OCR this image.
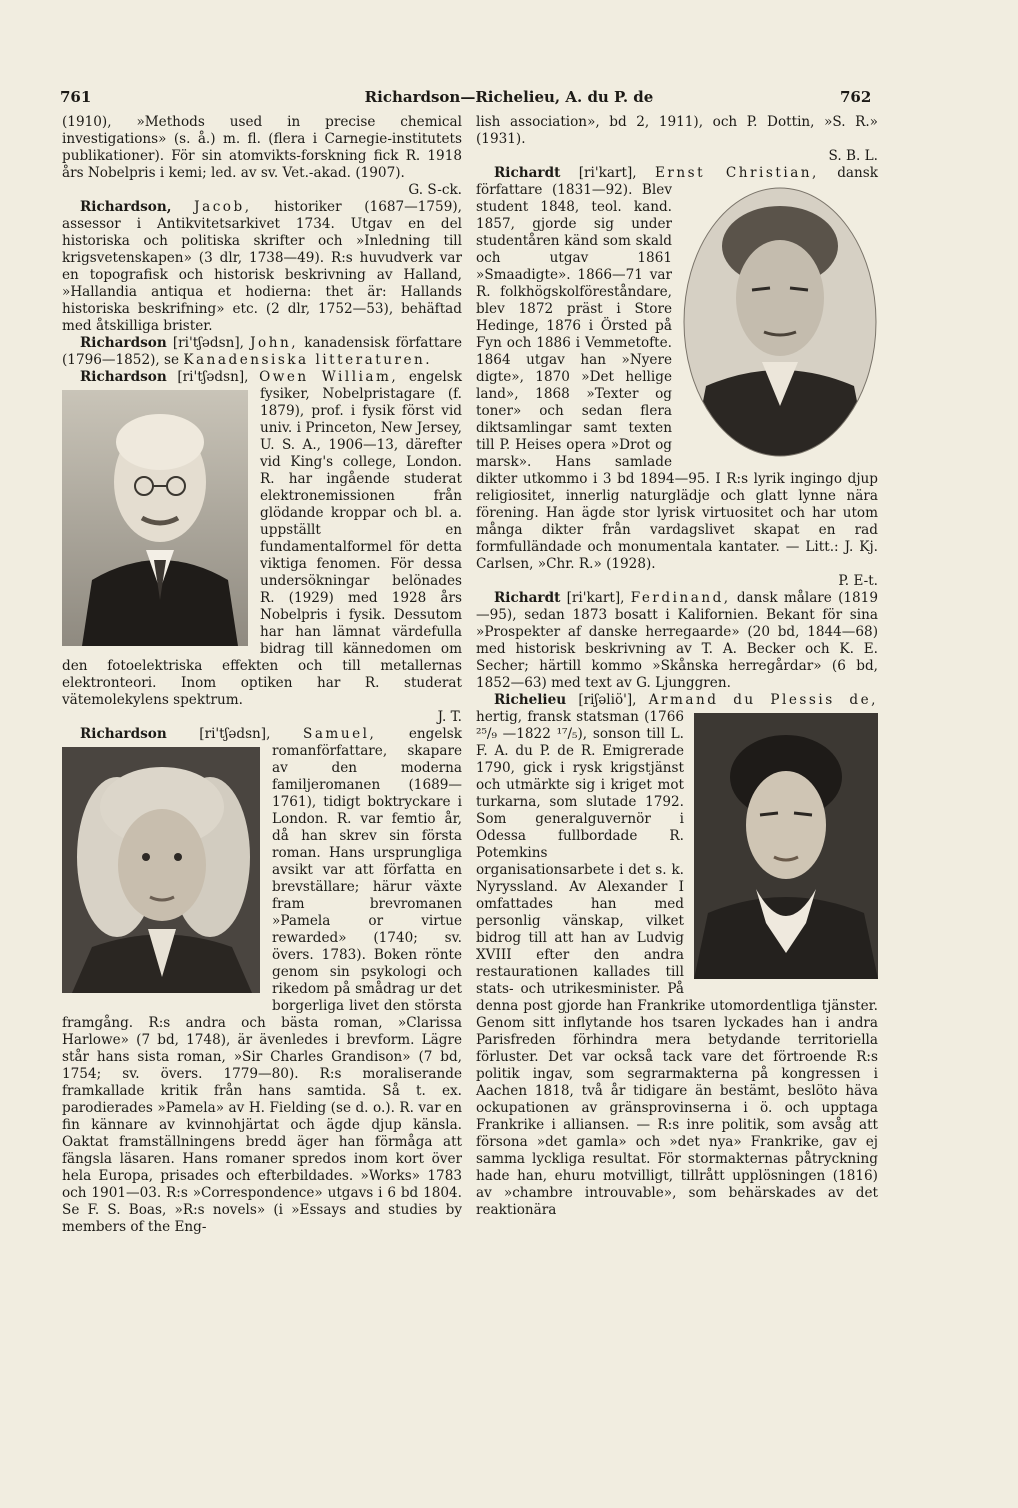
761	Richardson—Richelieu, A. du P. de	762

(1910), »Methods used in precise chemical investigations» (s. å.) m. fl. (flera i Carnegie-institutets publikationer). För sin atomvikts-forskning fick R. 1918 års Nobelpris i kemi; led. av sv. Vet.-akad. (1907).
G. S-ck.

Richardson, Jacob, historiker (1687—1759), assessor i Antikvitetsarkivet 1734. Utgav en del historiska och politiska skrifter och »Inledning till krigsvetenskapen» (3 dlr, 1738—49). R:s huvudverk var en topografisk och historisk beskrivning av Halland, »Hallandia antiqua et hodierna: thet är: Hallands historiska beskrifning» etc. (2 dlr, 1752—53), behäftad med åtskilliga brister.

Richardson [ri'tʃədsn], John, kanadensisk författare (1796—1852), se Kanadensiska litteraturen.

Richardson [ri'tʃədsn], Owen William, engelsk fysiker, Nobelpristagare (f. 1879), prof. i fysik först vid univ. i Princeton, New Jersey, U. S. A., 1906—13, därefter vid King's college, London. R. har ingående studerat elektronemissionen från glödande kroppar och bl. a. uppställt en fundamentalformel för detta viktiga fenomen. För dessa undersökningar belönades R. (1929) med 1928 års Nobelpris i fysik. Dessutom har han lämnat värdefulla bidrag till kännedomen om den fotoelektriska effekten och till metallernas elektronteori. Inom optiken har R. studerat vätemolekylens spektrum.
J. T.

Richardson [ri'tʃədsn], Samuel, engelsk romanförfattare, skapare av den moderna familjeromanen (1689—1761), tidigt boktryckare i London. R. var femtio år, då han skrev sin första roman. Hans ursprungliga avsikt var att författa en brevställare; härur växte fram brevromanen »Pamela or virtue rewarded» (1740; sv. övers. 1783). Boken rönte genom sin psykologi och rikedom på smådrag ur det borgerliga livet den största framgång. R:s andra och bästa roman, »Clarissa Harlowe» (7 bd, 1748), är ävenledes i brevform. Lägre står hans sista roman, »Sir Charles Grandison» (7 bd, 1754; sv. övers. 1779—80). R:s moraliserande framkallade kritik från hans samtida. Så t. ex. parodierades »Pamela» av H. Fielding (se d. o.). R. var en fin kännare av kvinnohjärtat och ägde djup känsla. Oaktat framställningens bredd äger han förmåga att fängsla läsaren. Hans romaner spredos inom kort över hela Europa, prisades och efterbildades. »Works» 1783 och 1901—03. R:s »Correspondence» utgavs i 6 bd 1804. Se F. S. Boas, »R:s novels» (i »Essays and studies by members of the Eng-

lish association», bd 2, 1911), och P. Dottin, »S. R.» (1931).
S. B. L.

Richardt [ri'kart], Ernst Christian, dansk författare (1831—92). Blev student 1848, teol. kand. 1857, gjorde sig under studentåren känd som skald och utgav 1861 »Smaadigte». 1866—71 var R. folkhögskolföreståndare, blev 1872 präst i Store Hedinge, 1876 i Örsted på Fyn och 1886 i Vemmetofte. 1864 utgav han »Nyere digte», 1870 »Det hellige land», 1868 »Texter og toner» och sedan flera diktsamlingar samt texten till P. Heises opera »Drot og marsk». Hans samlade dikter utkommo i 3 bd 1894—95. I R:s lyrik ingingo djup religiositet, innerlig naturglädje och glatt lynne nära förening. Han ägde stor lyrisk virtuositet och har utom många dikter från vardagslivet skapat en rad formfulländade och monumentala kantater. — Litt.: J. Kj. Carlsen, »Chr. R.» (1928).
P. E-t.

Richardt [ri'kart], Ferdinand, dansk målare (1819—95), sedan 1873 bosatt i Kalifornien. Bekant för sina »Prospekter af danske herregaarde» (20 bd, 1844—68) med historisk beskrivning av T. A. Becker och K. E. Secher; härtill kommo »Skånska herregårdar» (6 bd, 1852—63) med text av G. Ljunggren.

Richelieu [riʃəliö'], Armand du Plessis de,
hertig, fransk statsman (1766 ²⁵/₉ —1822 ¹⁷/₅), sonson till L. F. A. du P. de R. Emigrerade 1790, gick i rysk krigstjänst och utmärkte sig i kriget mot turkarna, som slutade 1792. Som generalguvernör i Odessa fullbordade R. Potemkins organisationsarbete i det s. k. Nyryssland. Av Alexander I omfattades han med personlig vänskap, vilket bidrog till att han av Ludvig XVIII efter den andra restaurationen kallades till stats- och utrikesminister. På denna post gjorde han Frankrike utomordentliga tjänster. Genom sitt inflytande hos tsaren lyckades han i andra Parisfreden förhindra mera betydande territoriella förluster. Det var också tack vare det förtroende R:s politik ingav, som segrarmakterna på kongressen i Aachen 1818, två år tidigare än bestämt, beslöto häva ockupationen av gränsprovinserna i ö. och upptaga Frankrike i alliansen. — R:s inre politik, som avsåg att försona »det gamla» och »det nya» Frankrike, gav ej samma lyckliga resultat. För stormakternas påtryckning hade han, ehuru motvilligt, tillrått upplösningen (1816) av »chambre introuvable», som behärskades av det reaktionära
